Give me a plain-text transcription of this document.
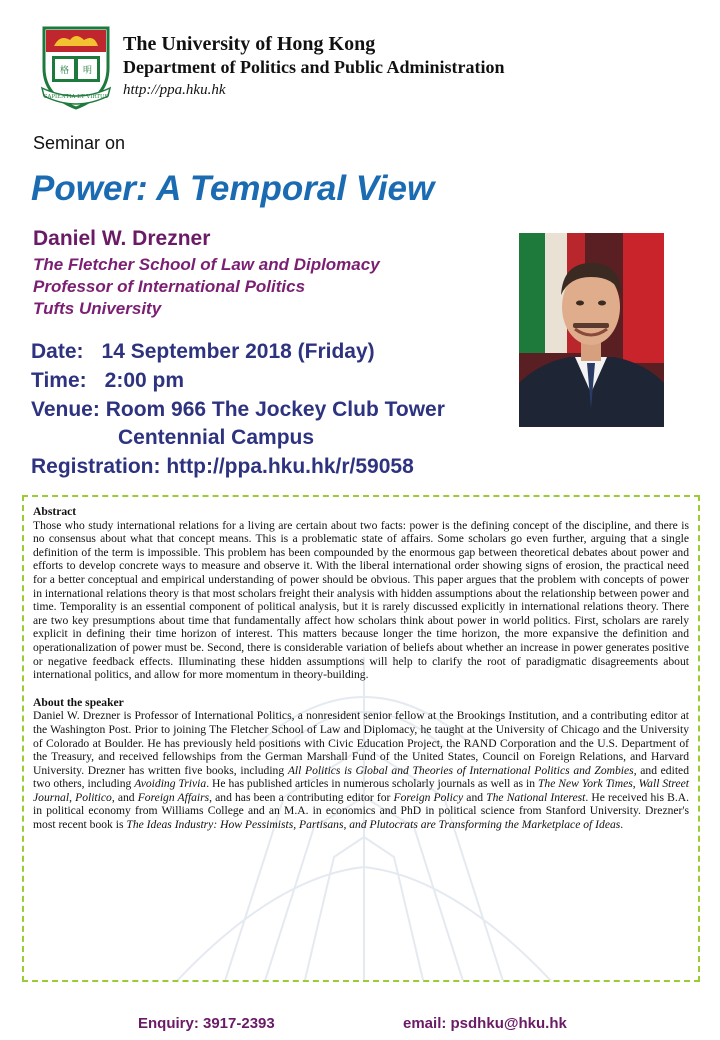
格 明
SAPIENTIA ET VIRTUS
The University of Hong Kong
Department of Politics and Public Administration
http://ppa.hku.hk
Seminar on
Power: A Temporal View
Daniel W. Drezner
The Fletcher School of Law and Diplomacy
Professor of International Politics
Tufts University
Date: 14 September 2018 (Friday)
Time: 2:00 pm
Venue: Room 966 The Jockey Club Tower
Centennial Campus
Registration: http://ppa.hku.hk/r/59058
Abstract

Those who study international relations for a living are certain about two facts: power is the defining concept of the discipline, and there is no consensus about what that concept means. This is a problematic state of affairs. Some scholars go even further, arguing that a single definition of the term is impossible. This problem has been compounded by the enormous gap between theoretical debates about power and efforts to develop concrete ways to measure and observe it. With the liberal international order showing signs of erosion, the practical need for a better conceptual and empirical understanding of power should be obvious. This paper argues that the problem with concepts of power in international relations theory is that most scholars freight their analysis with hidden assumptions about the relationship between power and time. Temporality is an essential component of political analysis, but it is rarely discussed explicitly in international relations theory. There are two key presumptions about time that fundamentally affect how scholars think about power in world politics. First, scholars are rarely explicit in defining their time horizon of interest. This matters because longer the time horizon, the more expansive the definition and operationalization of power must be. Second, there is considerable variation of beliefs about whether an increase in power generates positive or negative feedback effects. Illuminating these hidden assumptions will help to clarify the root of paradigmatic disagreements about international politics, and allow for more momentum in theory-building.

About the speaker

Daniel W. Drezner is Professor of International Politics, a nonresident senior fellow at the Brookings Institution, and a contributing editor at the Washington Post. Prior to joining The Fletcher School of Law and Diplomacy, he taught at the University of Chicago and the University of Colorado at Boulder. He has previously held positions with Civic Education Project, the RAND Corporation and the U.S. Department of the Treasury, and received fellowships from the German Marshall Fund of the United States, Council on Foreign Relations, and Harvard University. Drezner has written five books, including All Politics is Global and Theories of International Politics and Zombies, and edited two others, including Avoiding Trivia. He has published articles in numerous scholarly journals as well as in The New York Times, Wall Street Journal, Politico, and Foreign Affairs, and has been a contributing editor for Foreign Policy and The National Interest. He received his B.A. in political economy from Williams College and an M.A. in economics and PhD in political science from Stanford University. Drezner's most recent book is The Ideas Industry: How Pessimists, Partisans, and Plutocrats are Transforming the Marketplace of Ideas.

Enquiry: 3917-2393	email: psdhku@hku.hk
